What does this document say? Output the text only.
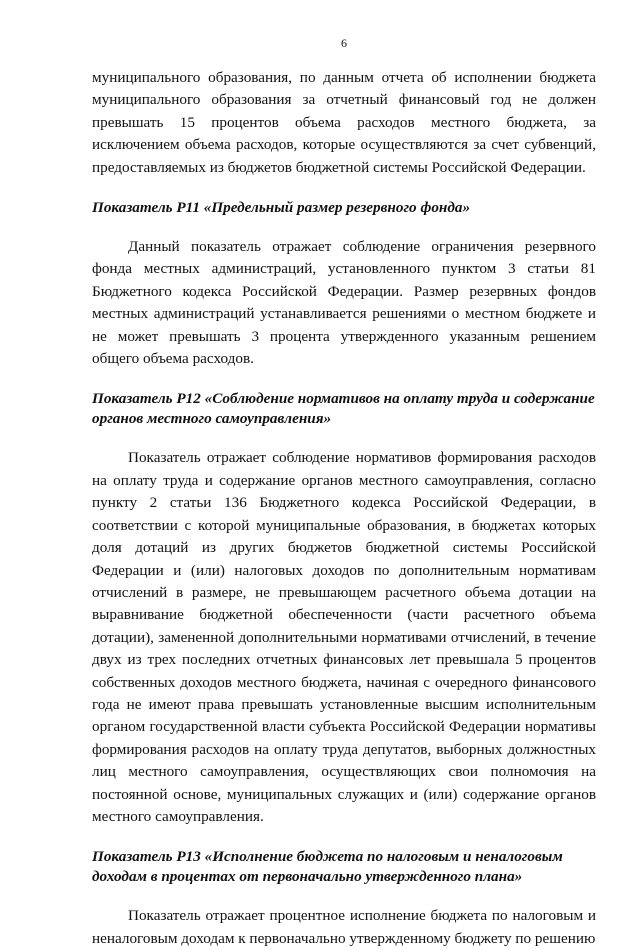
6

муниципального образования, по данным отчета об исполнении бюджета муниципального образования за отчетный финансовый год не должен превышать 15 процентов объема расходов местного бюджета, за исключением объема расходов, которые осуществляются за счет субвенций, предоставляемых из бюджетов бюджетной системы Российской Федерации.

Показатель Р11 «Предельный размер резервного фонда»

Данный показатель отражает соблюдение ограничения резервного фонда местных администраций, установленного пунктом 3 статьи 81 Бюджетного кодекса Российской Федерации. Размер резервных фондов местных администраций устанавливается решениями о местном бюджете и не может превышать 3 процента утвержденного указанным решением общего объема расходов.

Показатель Р12 «Соблюдение нормативов на оплату труда и содержание органов местного самоуправления»

Показатель отражает соблюдение нормативов формирования расходов на оплату труда и содержание органов местного самоуправления, согласно пункту 2 статьи 136 Бюджетного кодекса Российской Федерации, в соответствии с которой муниципальные образования, в бюджетах которых доля дотаций из других бюджетов бюджетной системы Российской Федерации и (или) налоговых доходов по дополнительным нормативам отчислений в размере, не превышающем расчетного объема дотации на выравнивание бюджетной обеспеченности (части расчетного объема дотации), замененной дополнительными нормативами отчислений, в течение двух из трех последних отчетных финансовых лет превышала 5 процентов собственных доходов местного бюджета, начиная с очередного финансового года не имеют права превышать установленные высшим исполнительным органом государственной власти субъекта Российской Федерации нормативы формирования расходов на оплату труда депутатов, выборных должностных лиц местного самоуправления, осуществляющих свои полномочия на постоянной основе, муниципальных служащих и (или) содержание органов местного самоуправления.

Показатель Р13 «Исполнение бюджета по налоговым и неналоговым доходам в процентах от первоначально утвержденного плана»

Показатель отражает процентное исполнение бюджета по налоговым и неналоговым доходам к первоначально утвержденному бюджету по решению
